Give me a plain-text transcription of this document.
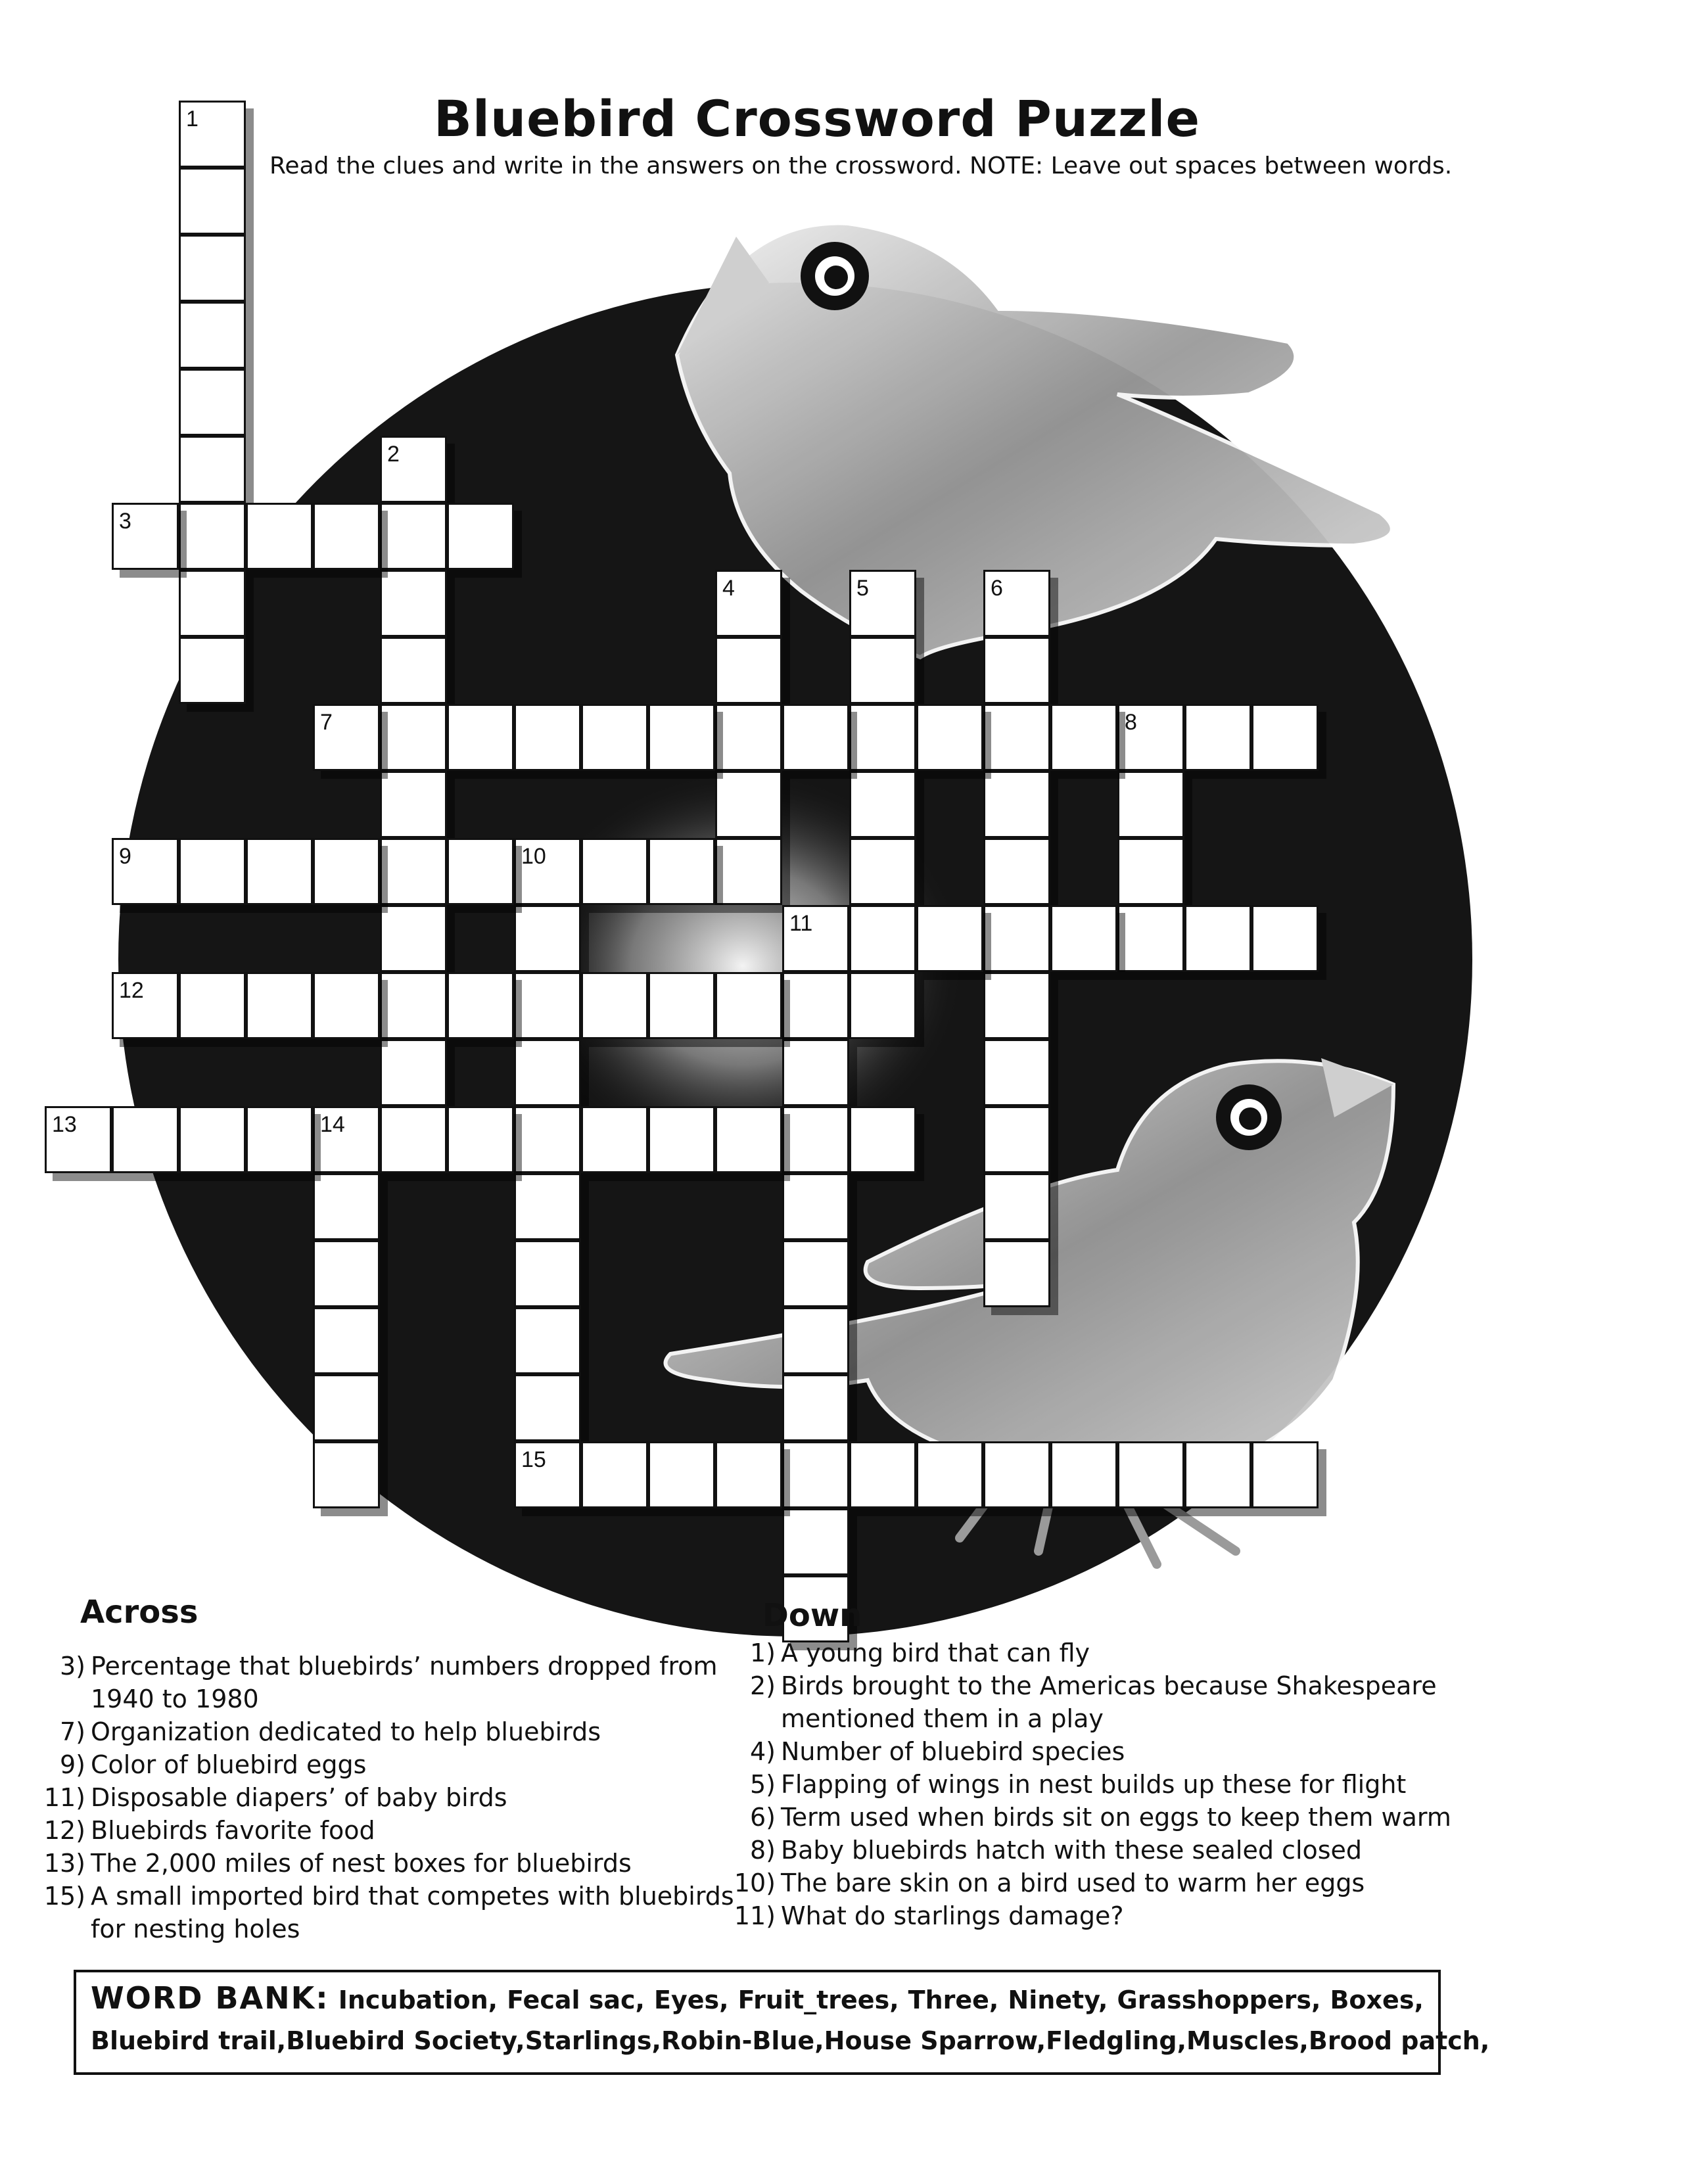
Bluebird Crossword Puzzle
Read the clues and write in the answers on the crossword. NOTE: Leave out spaces between words.
1
2
4	5	6
8
10
15
11
14
3
7
9
12
13
Across

3) Percentage that bluebirds’ numbers dropped from 1940 to 1980

7) Organization dedicated to help bluebirds

9) Color of bluebird eggs

11) Disposable diapers’ of baby birds

12) Bluebirds favorite food

13) The 2,000 miles of nest boxes for bluebirds

15) A small imported bird that competes with bluebirds for nesting holes

Down

1) A young bird that can fly

2) Birds brought to the Americas because Shakespeare mentioned them in a play

4) Number of bluebird species

5) Flapping of wings in nest builds up these for flight

6) Term used when birds sit on eggs to keep them warm

8) Baby bluebirds hatch with these sealed closed

10) The bare skin on a bird used to warm her eggs

11) What do starlings damage?

WORD BANK: Incubation, Fecal sac, Eyes, Fruit_trees, Three, Ninety, Grasshoppers, Boxes,
Bluebird trail, Bluebird Society, Starlings, Robin-Blue, House Sparrow, Fledgling, Muscles, Brood patch,
